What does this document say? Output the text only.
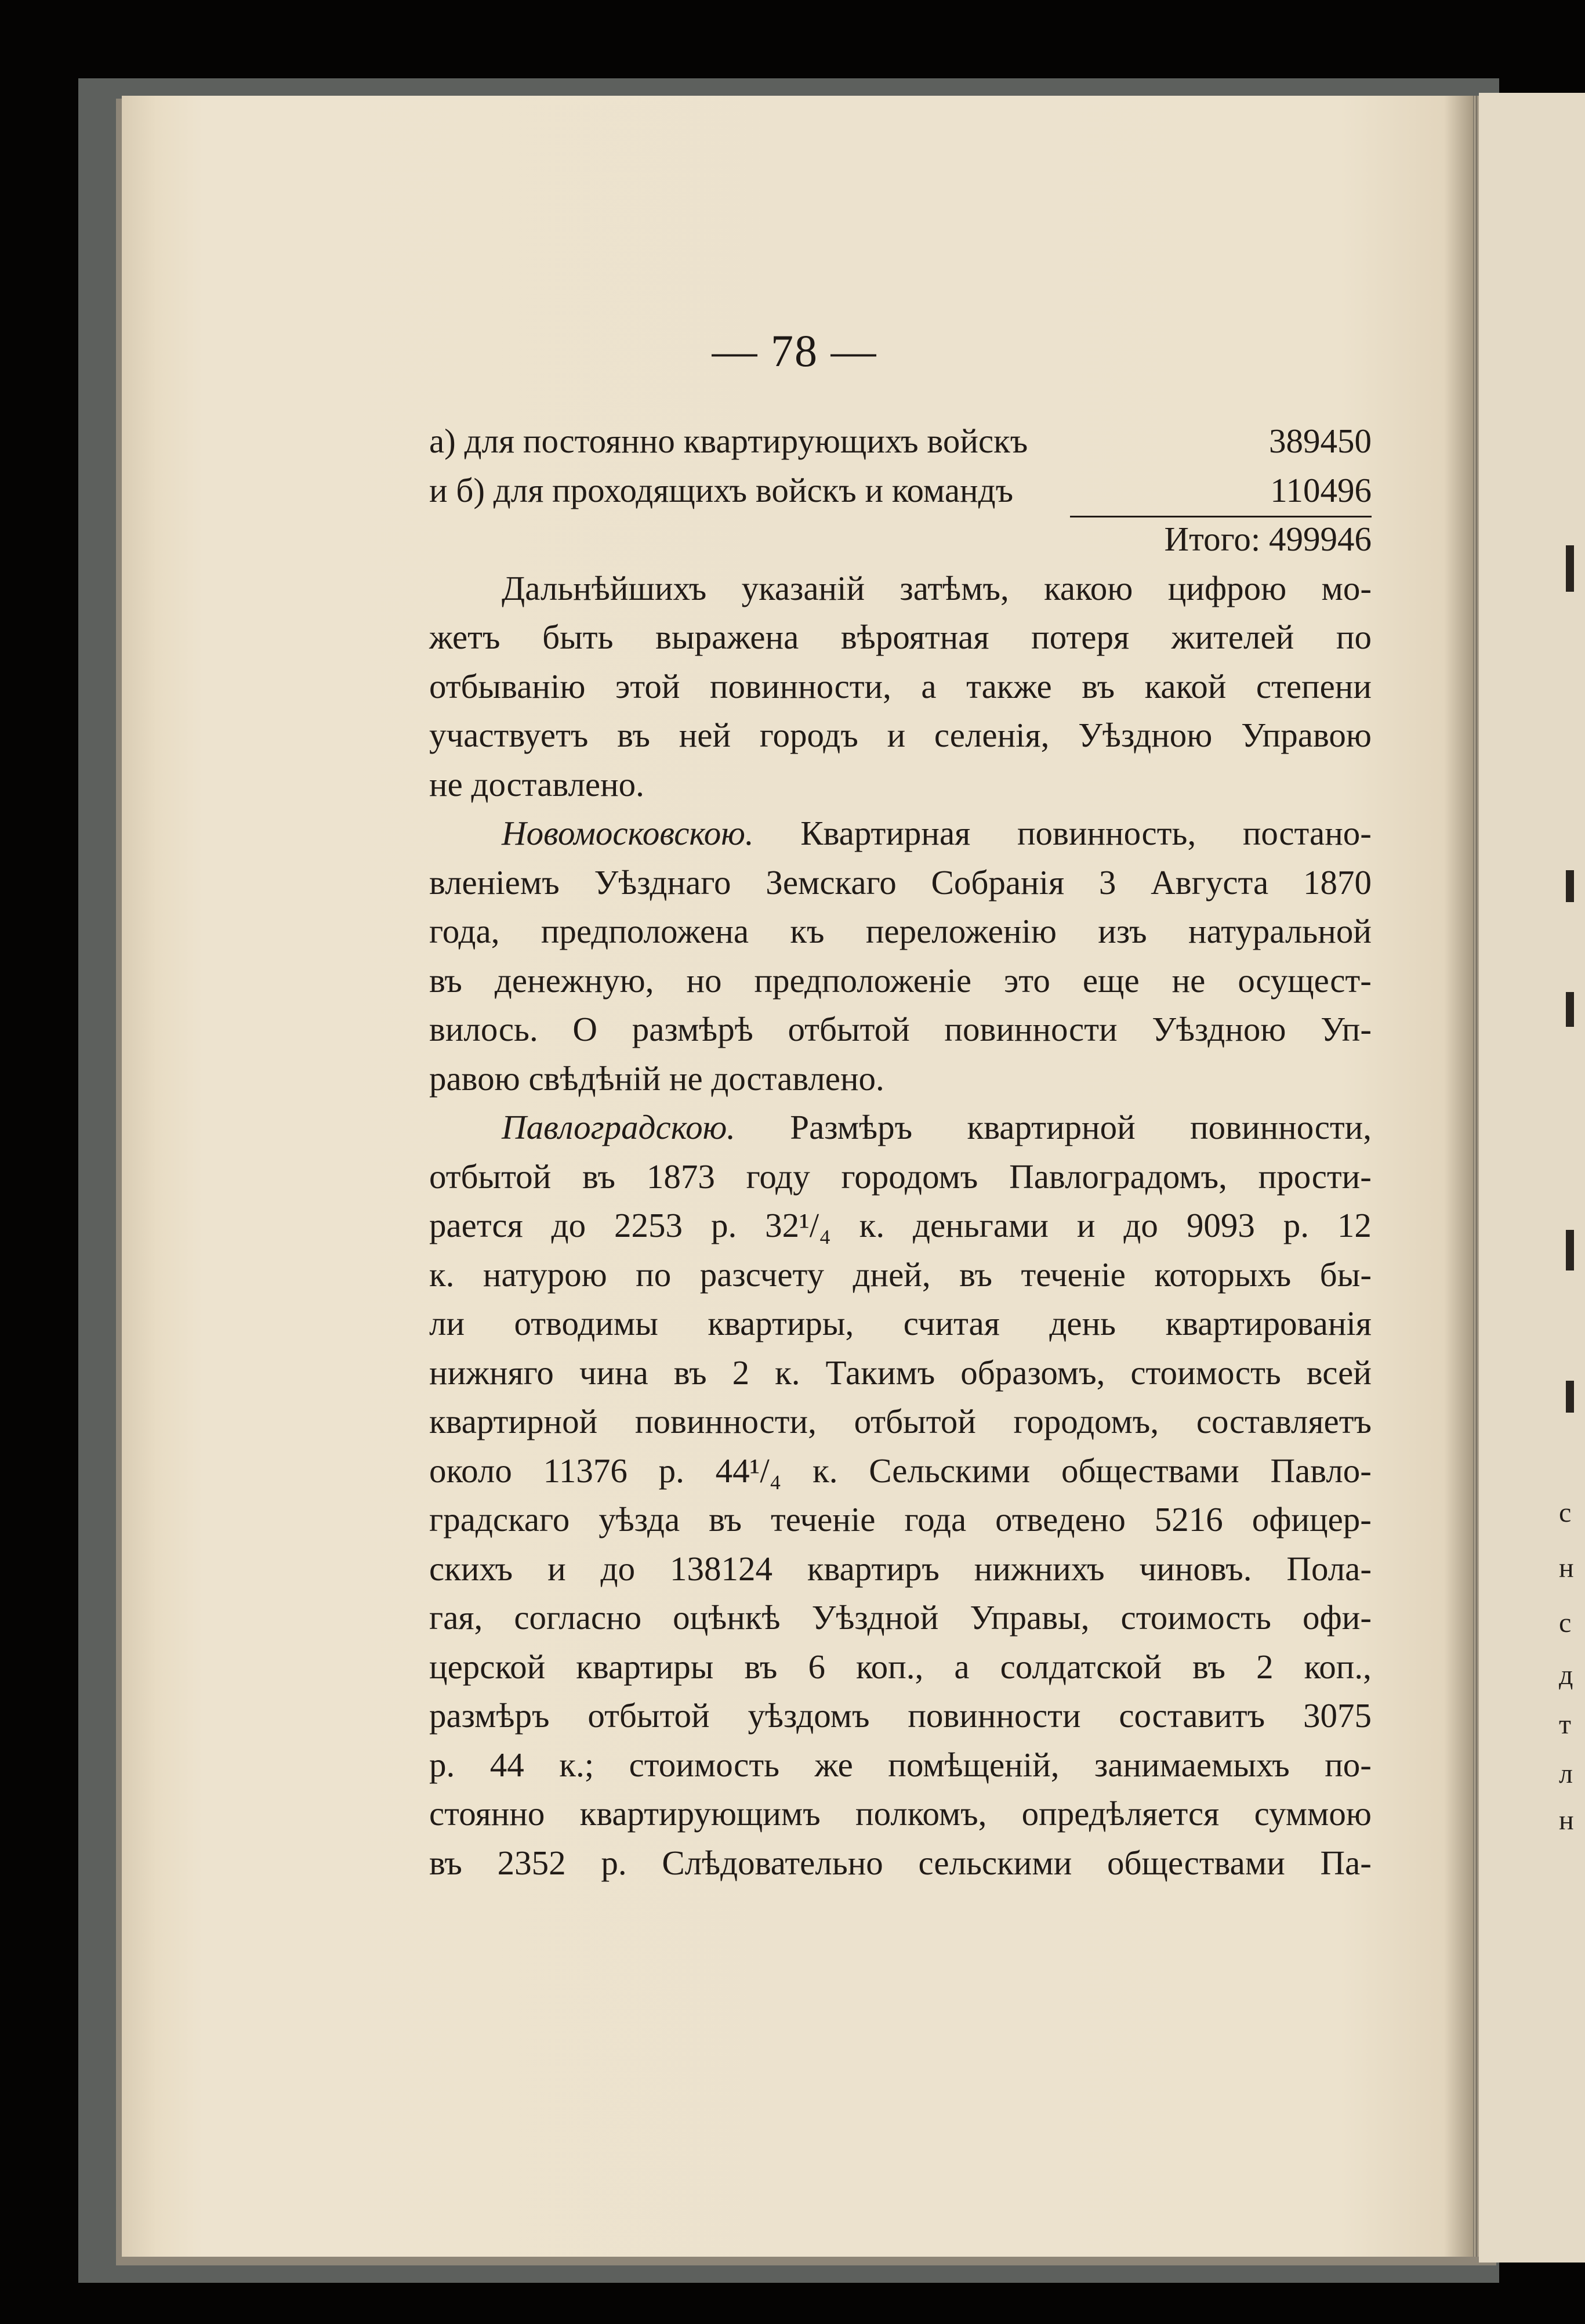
с
н
с
д
т
л
н
— 78 —
а) для постоянно квартирующихъ войскъ	389450
и б) для проходящихъ войскъ и командъ	110496
Итого: 499946
Дальнѣйшихъ указаній затѣмъ, какою цифрою мо-
жетъ быть выражена вѣроятная потеря жителей по
отбыванію этой повинности, а также въ какой степени
участвуетъ въ ней городъ и селенія, Уѣздною Управою
не доставлено.
Новомосковскою. Квартирная повинность, постано-
вленіемъ Уѣзднаго Земскаго Собранія 3 Августа 1870
года, предположена къ переложенію изъ натуральной
въ денежную, но предположеніе это еще не осущест-
вилось. О размѣрѣ отбытой повинности Уѣздною Уп-
равою свѣдѣній не доставлено.
Павлоградскою. Размѣръ квартирной повинности,
отбытой въ 1873 году городомъ Павлоградомъ, прости-
рается до 2253 р. 32¹/₄ к. деньгами и до 9093 р. 12
к. натурою по разсчету дней, въ теченіе которыхъ бы-
ли отводимы квартиры, считая день квартированія
нижняго чина въ 2 к. Такимъ образомъ, стоимость всей
квартирной повинности, отбытой городомъ, составляетъ
около 11376 р. 44¹/₄ к. Сельскими обществами Павло-
градскаго уѣзда въ теченіе года отведено 5216 офицер-
скихъ и до 138124 квартиръ нижнихъ чиновъ. Пола-
гая, согласно оцѣнкѣ Уѣздной Управы, стоимость офи-
церской квартиры въ 6 коп., а солдатской въ 2 коп.,
размѣръ отбытой уѣздомъ повинности составитъ 3075
р. 44 к.; стоимость же помѣщеній, занимаемыхъ по-
стоянно квартирующимъ полкомъ, опредѣляется суммою
въ 2352 р. Слѣдовательно сельскими обществами Па-
